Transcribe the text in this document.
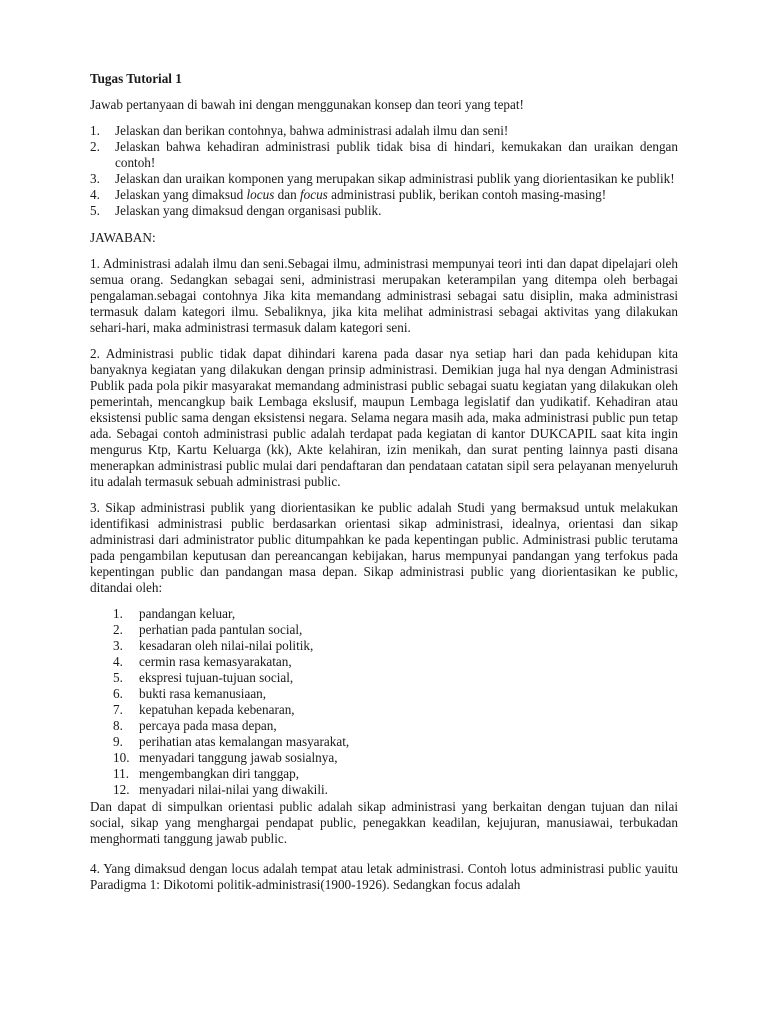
Tugas Tutorial 1

Jawab pertanyaan di bawah ini dengan menggunakan konsep dan teori yang tepat!

1.	Jelaskan dan berikan contohnya, bahwa administrasi adalah ilmu dan seni!
2.	Jelaskan bahwa kehadiran administrasi publik tidak bisa di hindari, kemukakan dan uraikan dengan contoh!
3.	Jelaskan dan uraikan komponen yang merupakan sikap administrasi publik yang diorientasikan ke publik!
4.	Jelaskan yang dimaksud locus dan focus administrasi publik, berikan contoh masing-masing!
5.	Jelaskan yang dimaksud dengan organisasi publik.

JAWABAN:

1. Administrasi adalah ilmu dan seni.Sebagai ilmu, administrasi mempunyai teori inti dan dapat dipelajari oleh semua orang. Sedangkan sebagai seni, administrasi merupakan keterampilan yang ditempa oleh berbagai pengalaman.sebagai contohnya Jika kita memandang administrasi sebagai satu disiplin, maka administrasi termasuk dalam kategori ilmu. Sebaliknya, jika kita melihat administrasi sebagai aktivitas yang dilakukan sehari-hari, maka administrasi termasuk dalam kategori seni.

2. Administrasi public tidak dapat dihindari karena pada dasar nya setiap hari dan pada kehidupan kita banyaknya kegiatan yang dilakukan dengan prinsip administrasi. Demikian juga hal nya dengan Administrasi Publik pada pola pikir masyarakat memandang administrasi public sebagai suatu kegiatan yang dilakukan oleh pemerintah, mencangkup baik Lembaga ekslusif, maupun Lembaga legislatif dan yudikatif. Kehadiran atau eksistensi public sama dengan eksistensi negara. Selama negara masih ada, maka administrasi public pun tetap ada. Sebagai contoh administrasi public adalah terdapat pada kegiatan di kantor DUKCAPIL saat kita ingin mengurus Ktp, Kartu Keluarga (kk), Akte kelahiran, izin menikah, dan surat penting lainnya pasti disana menerapkan administrasi public mulai dari pendaftaran dan pendataan catatan sipil sera pelayanan menyeluruh itu adalah termasuk sebuah administrasi public.

3. Sikap administrasi publik yang diorientasikan ke public adalah Studi yang bermaksud untuk melakukan identifikasi administrasi public berdasarkan orientasi sikap administrasi, idealnya, orientasi dan sikap administrasi dari administrator public ditumpahkan ke pada kepentingan public. Administrasi public terutama pada pengambilan keputusan dan pereancangan kebijakan, harus mempunyai pandangan yang terfokus pada kepentingan public dan pandangan masa depan. Sikap administrasi public yang diorientasikan ke public, ditandai oleh:

1.	pandangan keluar,
2.	perhatian pada pantulan social,
3.	kesadaran oleh nilai-nilai politik,
4.	cermin rasa kemasyarakatan,
5.	ekspresi tujuan-tujuan social,
6.	bukti rasa kemanusiaan,
7.	kepatuhan kepada kebenaran,
8.	percaya pada masa depan,
9.	perihatian atas kemalangan masyarakat,
10. menyadari tanggung jawab sosialnya,
11. mengembangkan diri tanggap,
12. menyadari nilai-nilai yang diwakili.

Dan dapat di simpulkan orientasi public adalah sikap administrasi yang berkaitan dengan tujuan dan nilai social, sikap yang menghargai pendapat public, penegakkan keadilan, kejujuran, manusiawai, terbukadan menghormati tanggung jawab public.

4. Yang dimaksud dengan locus adalah tempat atau letak administrasi. Contoh lotus administrasi public yauitu Paradigma 1: Dikotomi politik-administrasi(1900-1926). Sedangkan focus adalah
